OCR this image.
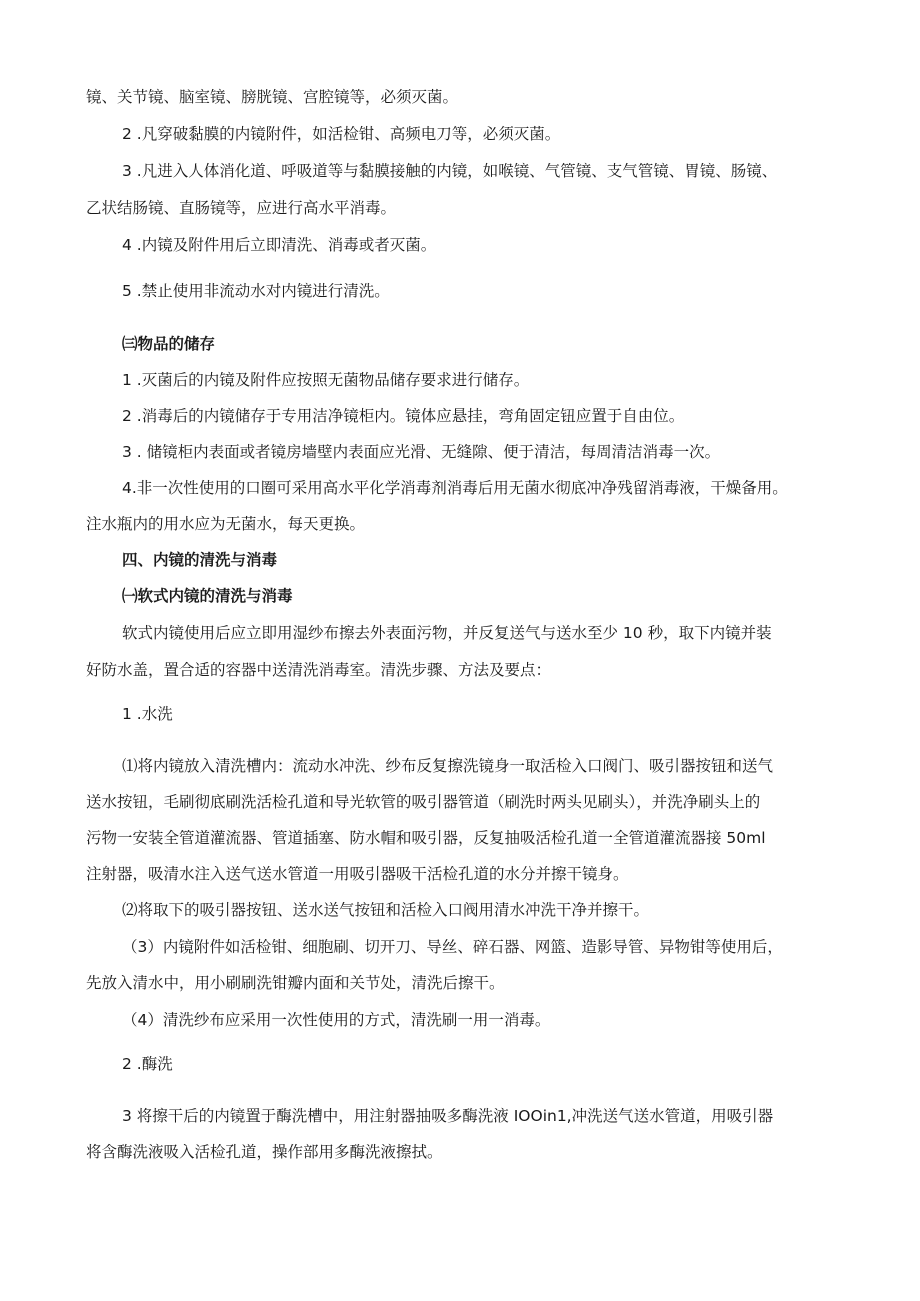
镜、关节镜、脑室镜、膀胱镜、宫腔镜等，必须灭菌。
2 .凡穿破黏膜的内镜附件，如活检钳、高频电刀等，必须灭菌。
3 .凡进入人体消化道、呼吸道等与黏膜接触的内镜，如喉镜、气管镜、支气管镜、胃镜、肠镜、
乙状结肠镜、直肠镜等，应进行高水平消毒。
4 .内镜及附件用后立即清洗、消毒或者灭菌。
5 .禁止使用非流动水对内镜进行清洗。
㈢物品的储存
1 .灭菌后的内镜及附件应按照无菌物品储存要求进行储存。
2 .消毒后的内镜储存于专用洁净镜柜内。镜体应悬挂，弯角固定钮应置于自由位。
3 . 储镜柜内表面或者镜房墙壁内表面应光滑、无缝隙、便于清洁，每周清洁消毒一次。
4.非一次性使用的口圈可采用高水平化学消毒剂消毒后用无菌水彻底冲净残留消毒液，干燥备用。
注水瓶内的用水应为无菌水，每天更换。
四、内镜的清洗与消毒
㈠软式内镜的清洗与消毒
软式内镜使用后应立即用湿纱布擦去外表面污物，并反复送气与送水至少 10 秒，取下内镜并装
好防水盖，置合适的容器中送清洗消毒室。清洗步骤、方法及要点：
1 .水洗
⑴将内镜放入清洗槽内：流动水冲洗、纱布反复擦洗镜身一取活检入口阀门、吸引器按钮和送气
送水按钮，毛刷彻底刷洗活检孔道和导光软管的吸引器管道（刷洗时两头见刷头），并洗净刷头上的
污物一安装全管道灌流器、管道插塞、防水帽和吸引器，反复抽吸活检孔道一全管道灌流器接 50ml
注射器，吸清水注入送气送水管道一用吸引器吸干活检孔道的水分并擦干镜身。
⑵将取下的吸引器按钮、送水送气按钮和活检入口阀用清水冲洗干净并擦干。
（3）内镜附件如活检钳、细胞刷、切开刀、导丝、碎石器、网篮、造影导管、异物钳等使用后，
先放入清水中，用小刷刷洗钳瓣内面和关节处，清洗后擦干。
（4）清洗纱布应采用一次性使用的方式，清洗刷一用一消毒。
2 .酶洗
3 将擦干后的内镜置于酶洗槽中，用注射器抽吸多酶洗液 IOOin1,冲洗送气送水管道，用吸引器
将含酶洗液吸入活检孔道，操作部用多酶洗液擦拭。
